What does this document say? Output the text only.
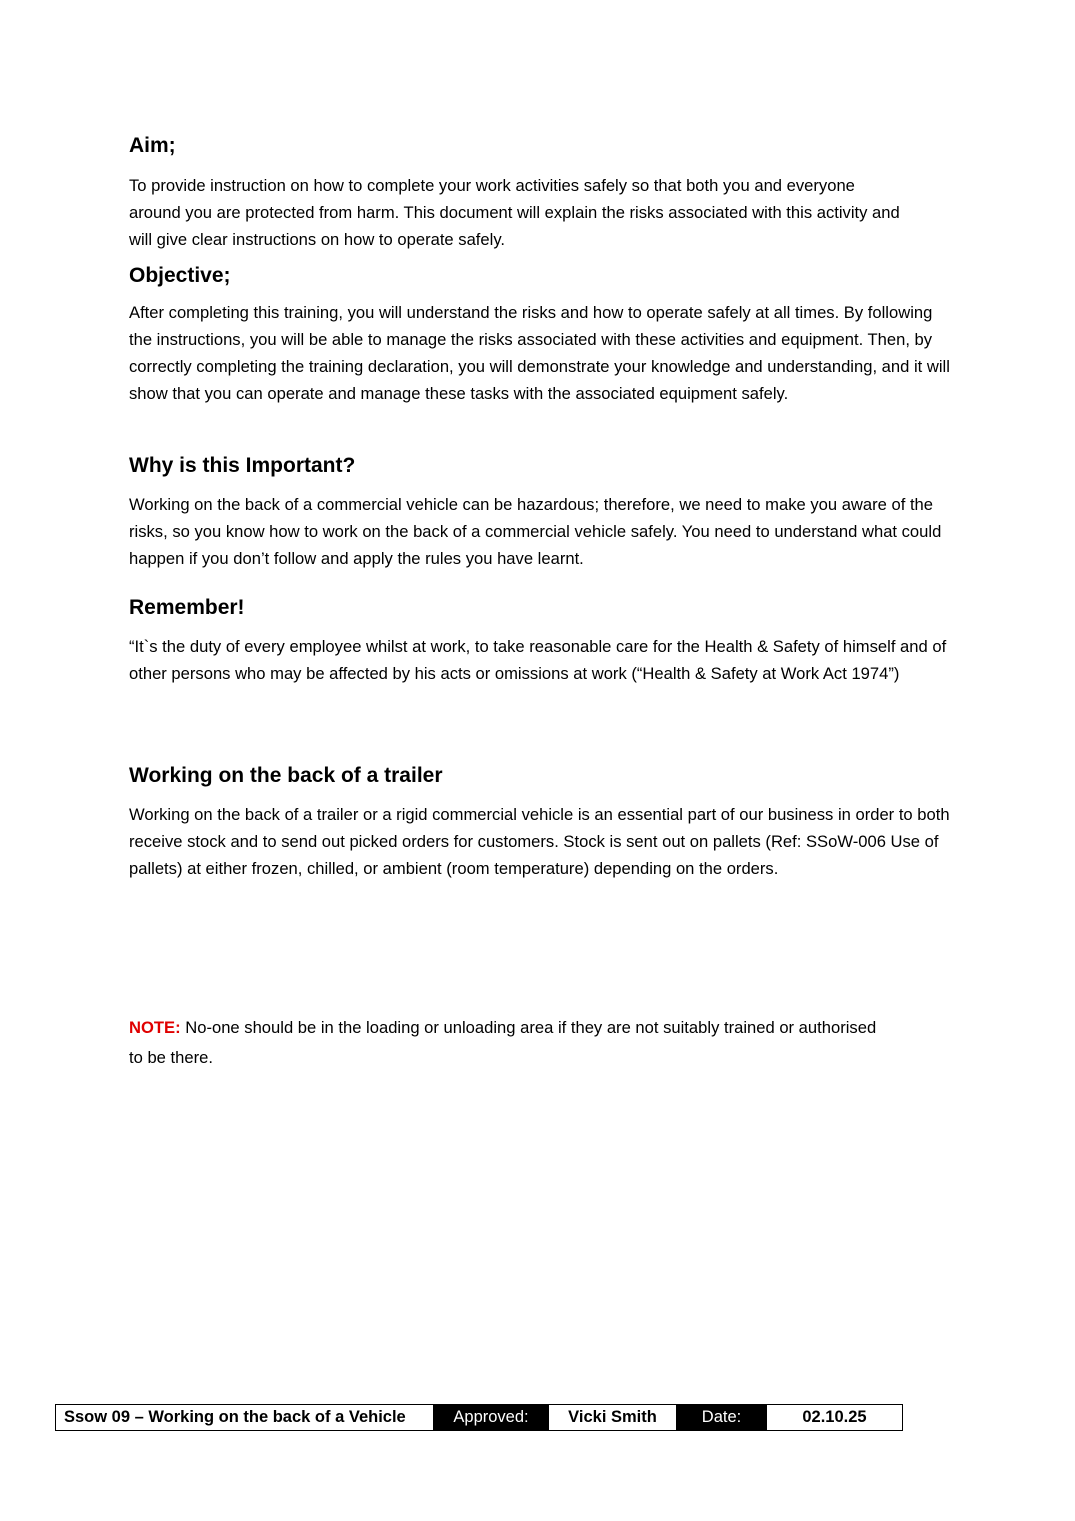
Aim;

To provide instruction on how to complete your work activities safely so that both you and everyone around you are protected from harm. This document will explain the risks associated with this activity and will give clear instructions on how to operate safely.

Objective;

After completing this training, you will understand the risks and how to operate safely at all times. By following the instructions, you will be able to manage the risks associated with these activities and equipment. Then, by correctly completing the training declaration, you will demonstrate your knowledge and understanding, and it will show that you can operate and manage these tasks with the associated equipment safely.

Why is this Important?

Working on the back of a commercial vehicle can be hazardous; therefore, we need to make you aware of the risks, so you know how to work on the back of a commercial vehicle safely. You need to understand what could happen if you don’t follow and apply the rules you have learnt.

Remember!

“It`s the duty of every employee whilst at work, to take reasonable care for the Health & Safety of himself and of other persons who may be affected by his acts or omissions at work (“Health & Safety at Work Act 1974”)

Working on the back of a trailer

Working on the back of a trailer or a rigid commercial vehicle is an essential part of our business in order to both receive stock and to send out picked orders for customers. Stock is sent out on pallets (Ref: SSoW-006 Use of pallets) at either frozen, chilled, or ambient (room temperature) depending on the orders.

NOTE: No-one should be in the loading or unloading area if they are not suitably trained or authorised to be there.

Ssow 09 – Working on the back of a Vehicle	Approved:	Vicki Smith	Date:	02.10.25
